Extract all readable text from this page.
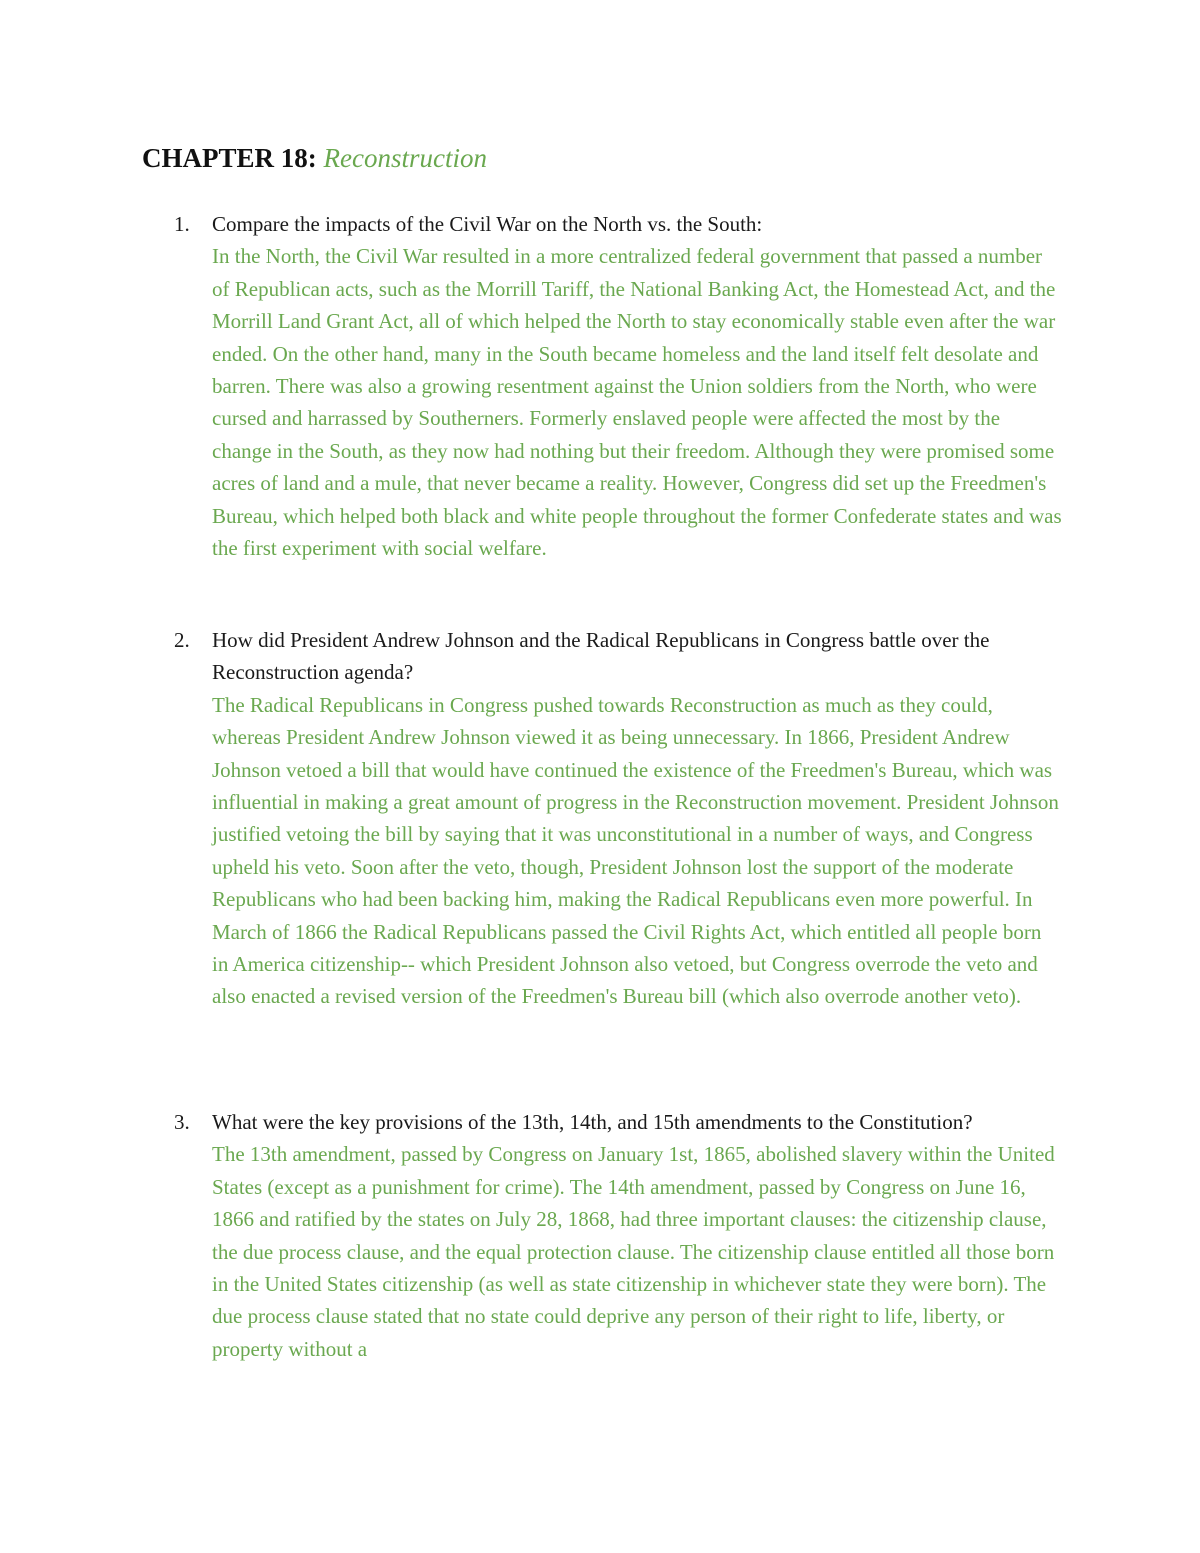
CHAPTER 18: Reconstruction
1. Compare the impacts of the Civil War on the North vs. the South:
In the North, the Civil War resulted in a more centralized federal government that passed a number of Republican acts, such as the Morrill Tariff, the National Banking Act, the Homestead Act, and the Morrill Land Grant Act, all of which helped the North to stay economically stable even after the war ended. On the other hand, many in the South became homeless and the land itself felt desolate and barren. There was also a growing resentment against the Union soldiers from the North, who were cursed and harrassed by Southerners. Formerly enslaved people were affected the most by the change in the South, as they now had nothing but their freedom. Although they were promised some acres of land and a mule, that never became a reality. However, Congress did set up the Freedmen's Bureau, which helped both black and white people throughout the former Confederate states and was the first experiment with social welfare.
2. How did President Andrew Johnson and the Radical Republicans in Congress battle over the Reconstruction agenda?
The Radical Republicans in Congress pushed towards Reconstruction as much as they could, whereas President Andrew Johnson viewed it as being unnecessary. In 1866, President Andrew Johnson vetoed a bill that would have continued the existence of the Freedmen's Bureau, which was influential in making a great amount of progress in the Reconstruction movement. President Johnson justified vetoing the bill by saying that it was unconstitutional in a number of ways, and Congress upheld his veto. Soon after the veto, though, President Johnson lost the support of the moderate Republicans who had been backing him, making the Radical Republicans even more powerful. In March of 1866 the Radical Republicans passed the Civil Rights Act, which entitled all people born in America citizenship-- which President Johnson also vetoed, but Congress overrode the veto and also enacted a revised version of the Freedmen's Bureau bill (which also overrode another veto).
3. What were the key provisions of the 13th, 14th, and 15th amendments to the Constitution?
The 13th amendment, passed by Congress on January 1st, 1865, abolished slavery within the United States (except as a punishment for crime). The 14th amendment, passed by Congress on June 16, 1866 and ratified by the states on July 28, 1868, had three important clauses: the citizenship clause, the due process clause, and the equal protection clause. The citizenship clause entitled all those born in the United States citizenship (as well as state citizenship in whichever state they were born). The due process clause stated that no state could deprive any person of their right to life, liberty, or property without a
